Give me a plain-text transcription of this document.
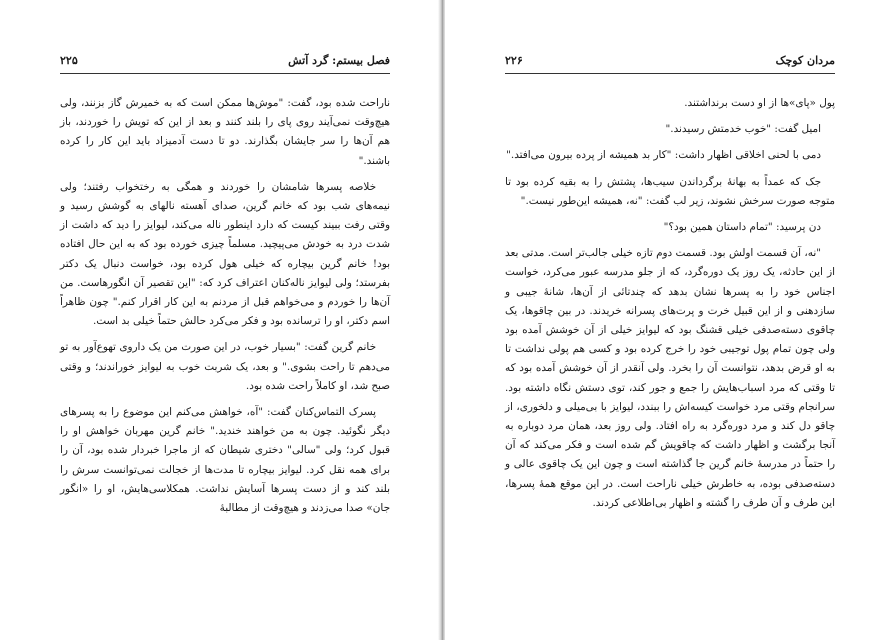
فصل بیستم: گرد آتش
۲۲۵

ناراحت شده بود، گفت: "موش‌ها ممکن است که به خمیرش گاز بزنند، ولی هیچ‌وقت نمی‌آیند روی پای را بلند کنند و بعد از این که تویش را خوردند، باز هم آن‌ها را سر جایشان بگذارند. دو تا دست آدمیزاد باید این کار را کرده باشند."

خلاصه پسرها شامشان را خوردند و همگی به رختخواب رفتند؛ ولی نیمه‌های شب بود که خانم گرین، صدای آهسته نالهای به گوشش رسید و وقتی رفت ببیند کیست که دارد اینطور ناله می‌کند، لیوایز را دید که داشت از شدت درد به خودش می‌پیچید. مسلماً چیزی خورده بود که به این حال افتاده بود! خانم گرین بیچاره که خیلی هول کرده بود، خواست دنبال یک دکتر بفرستد؛ ولی لیوایز نالەکنان اعتراف کرد که: "این تقصیر آن انگورهاست. من آن‌ها را خوردم و می‌خواهم قبل از مردنم به این کار اقرار کنم." چون ظاهراً اسم دکتر، او را ترسانده بود و فکر می‌کرد حالش حتماً خیلی بد است.

خانم گرین گفت: "بسیار خوب، در این صورت من یک داروی تهوع‌آور به تو می‌دهم تا راحت بشوی." و بعد، یک شربت خوب به لیوایز خوراندند؛ و وقتی صبح شد، او کاملاً راحت شده بود.

پسرک التماس‌کنان گفت: "آه، خواهش می‌کنم این موضوع را به پسرهای دیگر نگوئید. چون به من خواهند خندید." خانم گرین مهربان خواهش او را قبول کرد؛ ولی "سالی" دختری شیطان که از ماجرا خبردار شده بود، آن را برای همه نقل کرد. لیوایز بیچاره تا مدت‌ها از خجالت نمی‌توانست سرش را بلند کند و از دست پسرها آسایش نداشت. همکلاسی‌هایش، او را «انگور جان» صدا می‌زدند و هیچ‌وقت از مطالبهٔ

مردان کوچک
۲۲۶

پول «پای»ها از او دست برنداشتند.

امیل گفت: "خوب خدمتش رسیدند."

دمی با لحنی اخلاقی اظهار داشت: "کار بد همیشه از پرده بیرون می‌افتد."

جک که عمداً به بهانهٔ برگرداندن سیب‌ها، پشتش را به بقیه کرده بود تا متوجه صورت سرخش نشوند، زیر لب گفت: "نه، همیشه این‌طور نیست."

دن پرسید: "تمام داستان همین بود؟"

"نه، آن قسمت اولش بود. قسمت دوم تازه خیلی جالب‌تر است. مدتی بعد از این حادثه، یک روز یک دوره‌گرد، که از جلو مدرسه عبور می‌کرد، خواست اجناس خود را به پسرها نشان بدهد که چندتائی از آن‌ها، شانهٔ جیبی و سازدهنی و از این قبیل خرت و پرت‌های پسرانه خریدند. در بین چاقوها، یک چاقوی دسته‌صدفی خیلی قشنگ بود که لیوایز خیلی از آن خوشش آمده بود ولی چون تمام پول توجیبی خود را خرج کرده بود و کسی هم پولی نداشت تا به او قرض بدهد، نتوانست آن را بخرد. ولی آنقدر از آن خوشش آمده بود که تا وقتی که مرد اسباب‌هایش را جمع و جور کند، توی دستش نگاه داشته بود. سرانجام وقتی مرد خواست کیسه‌اش را ببندد، لیوایز با بی‌میلی و دلخوری، از چاقو دل کند و مرد دوره‌گرد به راه افتاد. ولی روز بعد، همان مرد دوباره به آنجا برگشت و اظهار داشت که چاقویش گم شده است و فکر می‌کند که آن را حتماً در مدرسهٔ خانم گرین جا گذاشته است و چون این یک چاقوی عالی و دسته‌صدفی بوده، به خاطرش خیلی ناراحت است. در این موقع همهٔ پسرها، این طرف و آن طرف را گشته و اظهار بی‌اطلاعی کردند.
